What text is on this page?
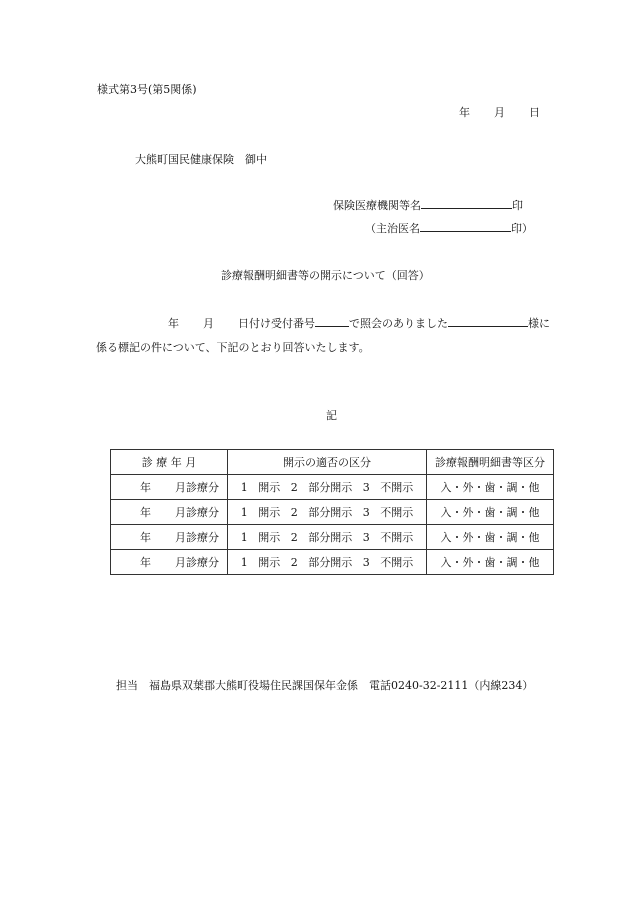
様式第3号(第5関係)
年 月 日
大熊町国民健康保険　御中
保険医療機関等名	印
（主治医名	印）
診療報酬明細書等の開示について（回答）
年 月 日付け受付番号	で照会のありました	様に
係る標記の件について、下記のとおり回答いたします。
記
診 療 年 月	開示の適否の区分	診療報酬明細書等区分
年 月診療分	1 開示 2 部分開示 3 不開示	入・外・歯・調・他
年 月診療分	1 開示 2 部分開示 3 不開示	入・外・歯・調・他
年 月診療分	1 開示 2 部分開示 3 不開示	入・外・歯・調・他
年 月診療分	1 開示 2 部分開示 3 不開示	入・外・歯・調・他
担当　福島県双葉郡大熊町役場住民課国保年金係　電話0240-32-2111（内線234）
